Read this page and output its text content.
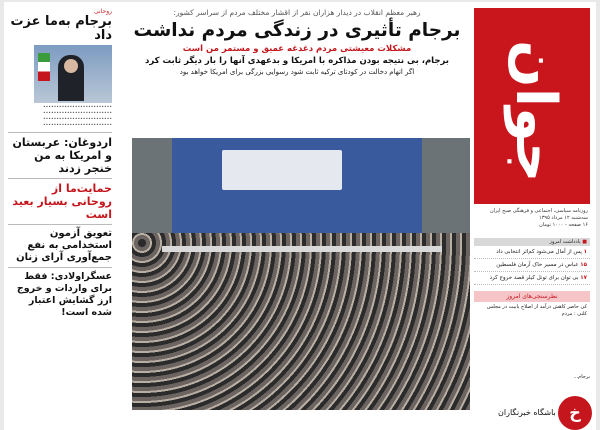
روحانی
برجام به‌ما عزت داد
••••••••••••••••••••••••••
••••••••••••••••••••••••••
••••••••••••••••••••••••••
••••••••••••••••••••••••••
اردوغان: عربستان و امریکا به من خنجر زدند
حمایت‌ما از روحانی بسیار بعید است
تعویق آزمون استخدامی به نفع جمع‌آوری آرای زنان
عسگراولادی: فقط برای واردات و خروج ارز گشایش اعتبار شده است!
رهبر معظم انقلاب در دیدار هزاران نفر از اقشار مختلف مردم از سراسر کشور:
برجام تأثیری در زندگی مردم نداشت
مشکلات معیشتی مردم دغدغه عمیق و مستمر من است
برجام، بی نتیجه بودن مذاکره با امریکا و بدعهدی آنها را بار دیگر ثابت کرد
اگر اتهام دخالت در کودتای ترکیه ثابت شود رسوایی بزرگی برای امریکا خواهد بود	جوان
روزنامه سیاسی، اجتماعی و فرهنگی صبح ایران
سه‌شنبه ۱۲ مرداد ۱۳۹۵
۱۶ صفحه - ۱۰۰۰ تومان
■ یادداشت امروز
۱ پس از آمال می‌شود کم‌اثر انتخابی داد
۱۵ عباس در مسیر خاک آرمان فلسطین
۱۷ بی توان برای تونل کیلر قصد خروج کرد
نظرسنجی‌های امروز
کی حاضر کاهش درآمد از اصلاح یابیت در مجلس کلنی : مردم
برجام...
خ
باشگاه خبرنگاران
